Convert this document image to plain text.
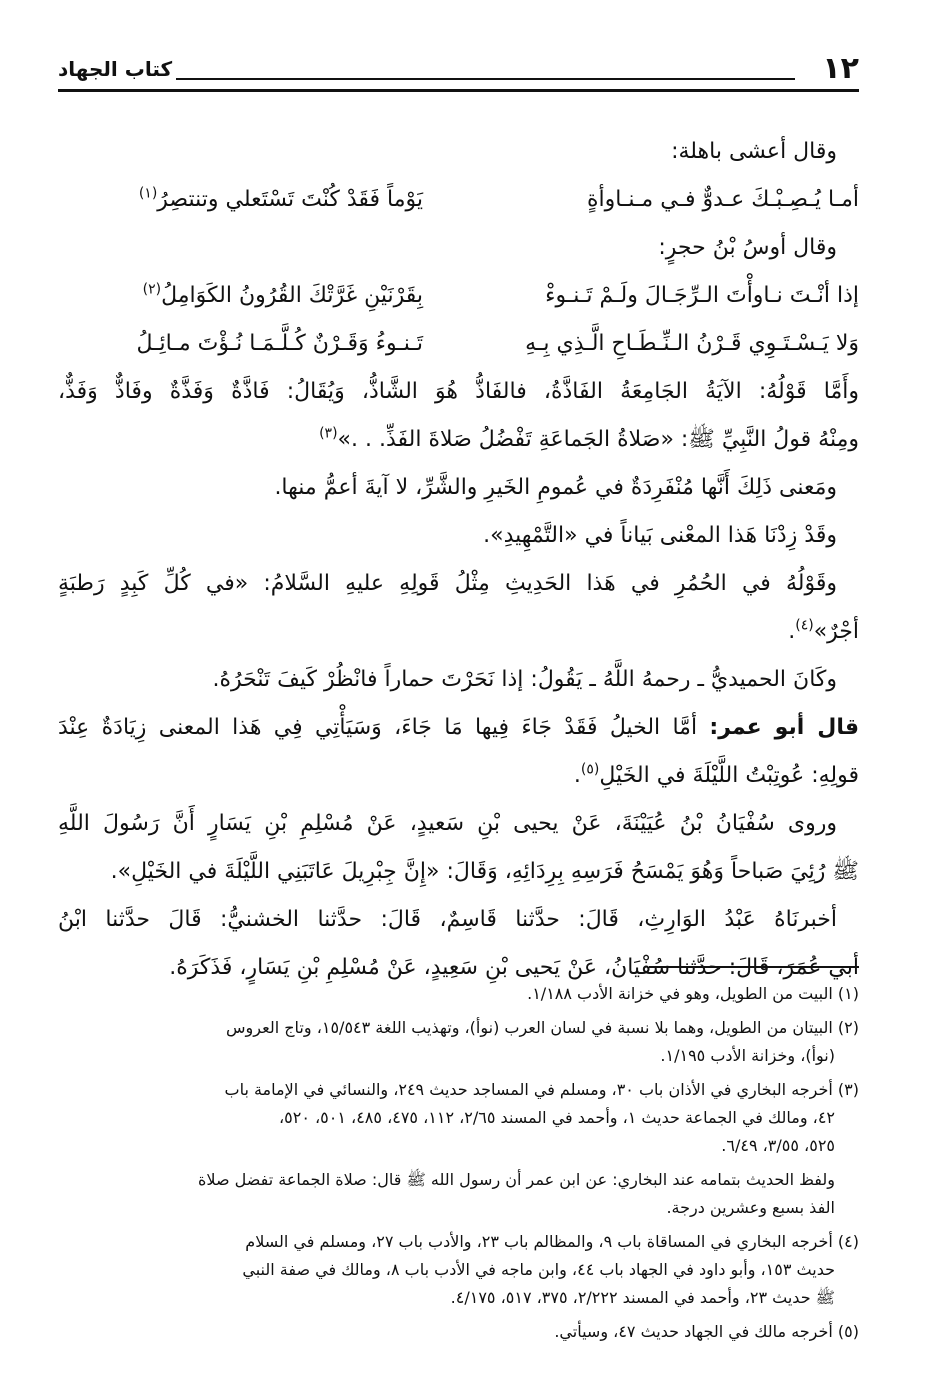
١٢
كتاب الجهاد
وقال أعشى باهلة:
أمـا يُـصِـبْـكَ عـدوٌّ فـي مـنـاوأةٍ
يَوْماً فَقَدْ كُنْتَ تَسْتَعلي وتنتصِرُ$^{(١)}$
وقال أوسُ بْنُ حجرٍ:
إذا أنْـتَ نـاوأْتَ الـرِّجَـالَ ولَـمْ تَـنـوءْ
بِقَرْنَيْنِ غَرَّتْكَ القُرُونُ الكَوَامِلُ$^{(٢)}$
وَلا يَـسْـتَـوِي قَـرْنُ الـنِّـطَـاحِ الَّـذِي بِـهِ
تَـنـوءُ وَقَـرْنٌ كُـلَّـمَـا نُـؤْتَ مـائِـلُ
وأَمَّا قَوْلُهُ: الآيَةُ الجَامِعَةُ الفَاذَّةُ، فالفَاذُّ هُوَ الشَّاذُّ، وَيُقَالُ: فَاذَّةٌ وَفَذَّةٌ وفَاذٌّ وَفَذٌّ،
ومِنْهُ قولُ النَّبِيِّ ﷺ: «صَلاةُ الجَماعَةِ تَفْضُلُ صَلاةَ الفَذِّ. . .»$^{(٣)}$
ومَعنى ذَلِكَ أَنَّها مُنْفَرِدَةٌ في عُمومِ الخَيرِ والشَّرِّ، لا آيةَ أعمُّ منها.
وقَدْ زِدْنَا هَذا المعْنى بَياناً في «التَّمْهِيدِ».
وقَوْلُهُ في الحُمُرِ في هَذا الحَدِيثِ مِثْلُ قَولِهِ عليهِ السَّلامُ: «في كُلِّ كَبِدٍ رَطبَةٍ
أجْرٌ»$^{(٤)}$.
وكَانَ الحميديُّ ـ رحمهُ اللَّهُ ـ يَقُولُ: إذا نَحَرْتَ حماراً فانْظُرْ كَيفَ تَنْحَرُهُ.
قال أبو عمر: أمَّا الخيلُ فَقَدْ جَاءَ فِيها مَا جَاءَ، وَسَيَأْتِي فِي هَذا المعنى زِيَادَةٌ عِنْدَ
قولِهِ: عُوتِبْتُ اللَّيْلَةَ في الخَيْلِ$^{(٥)}$.
وروى سُفْيَانُ بْنُ عُيَيْنَةَ، عَنْ يحيى بْنِ سَعيدٍ، عَنْ مُسْلِمِ بْنِ يَسَارٍ أَنَّ رَسُولَ اللَّهِ
ﷺ رُئِيَ صَباحاً وَهُوَ يَمْسَحُ فَرَسِهِ بِرِدَائِهِ، وَقَالَ: «إِنَّ جِبْرِيلَ عَاتَبَنِي اللَّيْلَةَ في الخَيْلِ».
أخبرنَاهُ عَبْدُ الوَارِثِ، قَالَ: حدَّثنا قَاسِمٌ، قَالَ: حدَّثنا الخشنيُّ: قَالَ حدَّثنا ابْنُ
أبي عُمَرَ، قَالَ: حدَّثنا سُفْيَانُ، عَنْ يَحيى بْنِ سَعِيدٍ، عَنْ مُسْلِمِ بْنِ يَسَارٍ، فَذَكَرَهُ.
(١) البيت من الطويل، وهو في خزانة الأدب ١/١٨٨.
(٢) البيتان من الطويل، وهما بلا نسبة في لسان العرب (نوأ)، وتهذيب اللغة ١٥/٥٤٣، وتاج العروس
(نوأ)، وخزانة الأدب ١/١٩٥.
(٣) أخرجه البخاري في الأذان باب ٣٠، ومسلم في المساجد حديث ٢٤٩، والنسائي في الإمامة باب
٤٢، ومالك في الجماعة حديث ١، وأحمد في المسند ٢/٦٥، ١١٢، ٤٧٥، ٤٨٥، ٥٠١، ٥٢٠،
٥٢٥، ٣/٥٥، ٦/٤٩.
ولفظ الحديث بتمامه عند البخاري: عن ابن عمر أن رسول الله ﷺ قال: صلاة الجماعة تفضل صلاة
الفذ بسبع وعشرين درجة.
(٤) أخرجه البخاري في المساقاة باب ٩، والمظالم باب ٢٣، والأدب باب ٢٧، ومسلم في السلام
حديث ١٥٣، وأبو داود في الجهاد باب ٤٤، وابن ماجه في الأدب باب ٨، ومالك في صفة النبي
ﷺ حديث ٢٣، وأحمد في المسند ٢/٢٢٢، ٣٧٥، ٥١٧، ٤/١٧٥.
(٥) أخرجه مالك في الجهاد حديث ٤٧، وسيأتي.
